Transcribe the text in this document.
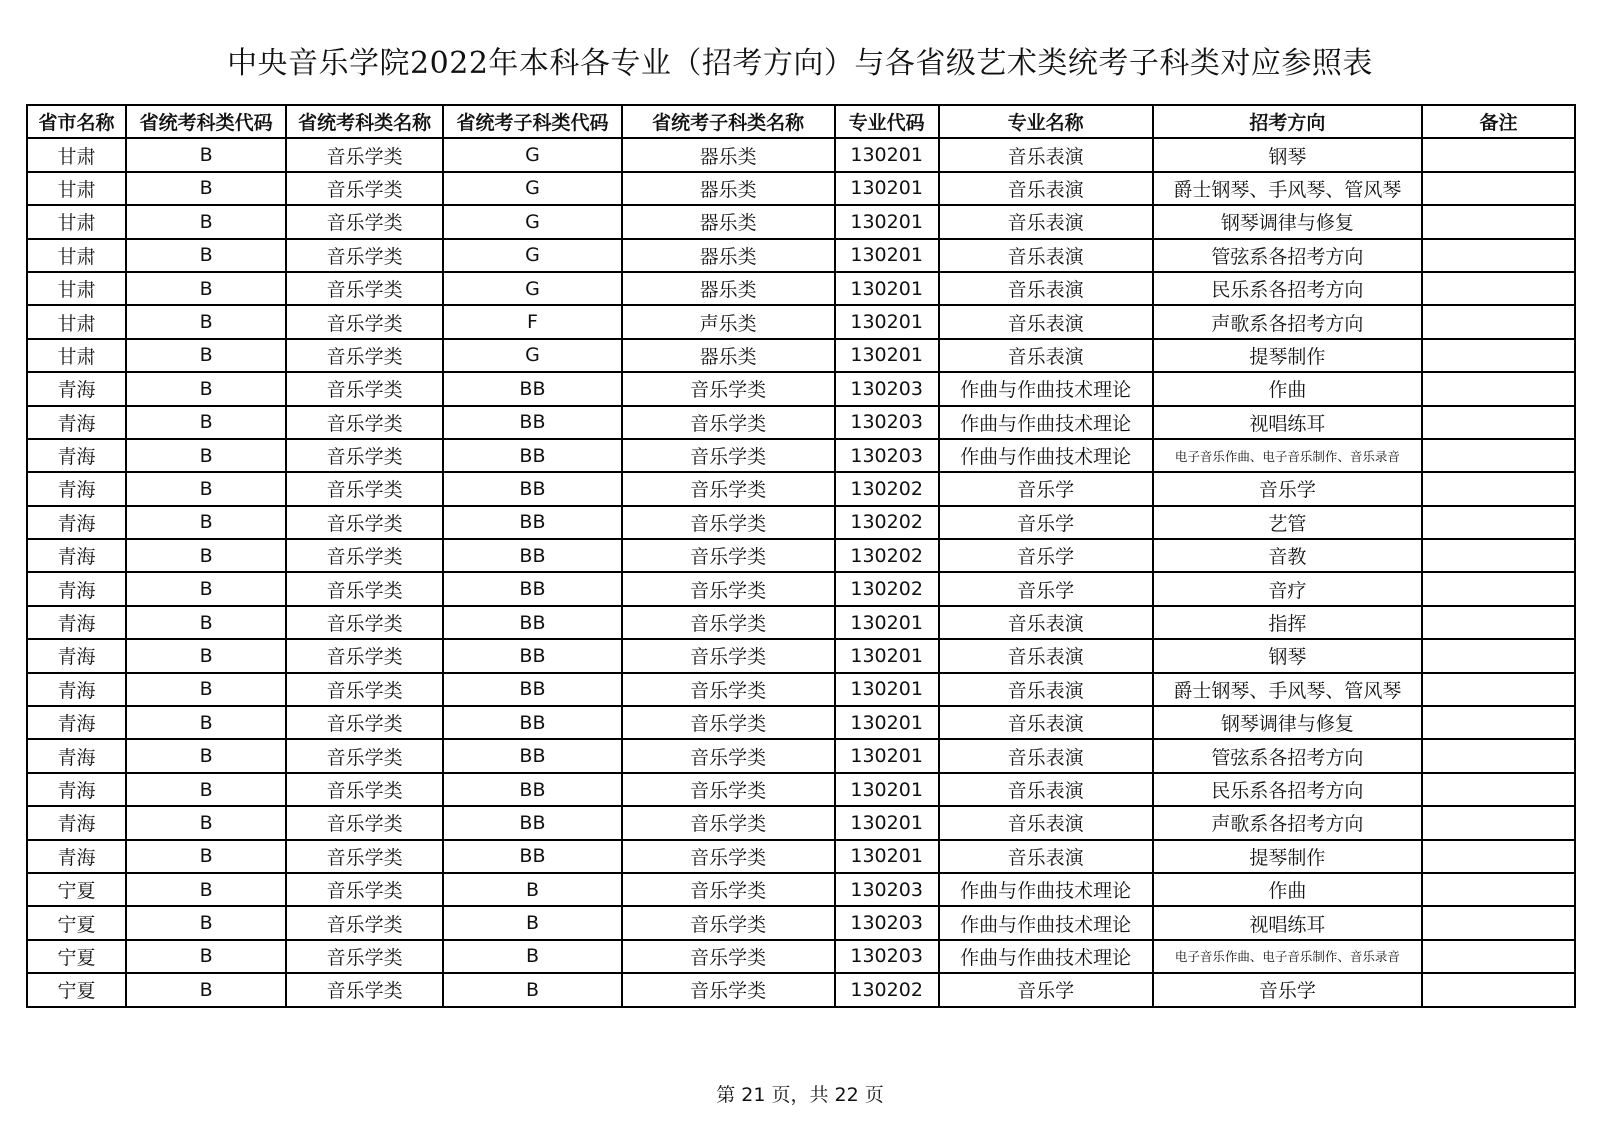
中央音乐学院2022年本科各专业（招考方向）与各省级艺术类统考子科类对应参照表
省市名称	省统考科类代码	省统考科类名称	省统考子科类代码	省统考子科类名称	专业代码	专业名称	招考方向	备注
甘肃	B	音乐学类	G	器乐类	130201	音乐表演	钢琴	
甘肃	B	音乐学类	G	器乐类	130201	音乐表演	爵士钢琴、手风琴、管风琴	
甘肃	B	音乐学类	G	器乐类	130201	音乐表演	钢琴调律与修复	
甘肃	B	音乐学类	G	器乐类	130201	音乐表演	管弦系各招考方向	
甘肃	B	音乐学类	G	器乐类	130201	音乐表演	民乐系各招考方向	
甘肃	B	音乐学类	F	声乐类	130201	音乐表演	声歌系各招考方向	
甘肃	B	音乐学类	G	器乐类	130201	音乐表演	提琴制作	
青海	B	音乐学类	BB	音乐学类	130203	作曲与作曲技术理论	作曲	
青海	B	音乐学类	BB	音乐学类	130203	作曲与作曲技术理论	视唱练耳	
青海	B	音乐学类	BB	音乐学类	130203	作曲与作曲技术理论	电子音乐作曲、电子音乐制作、音乐录音	
青海	B	音乐学类	BB	音乐学类	130202	音乐学	音乐学	
青海	B	音乐学类	BB	音乐学类	130202	音乐学	艺管	
青海	B	音乐学类	BB	音乐学类	130202	音乐学	音教	
青海	B	音乐学类	BB	音乐学类	130202	音乐学	音疗	
青海	B	音乐学类	BB	音乐学类	130201	音乐表演	指挥	
青海	B	音乐学类	BB	音乐学类	130201	音乐表演	钢琴	
青海	B	音乐学类	BB	音乐学类	130201	音乐表演	爵士钢琴、手风琴、管风琴	
青海	B	音乐学类	BB	音乐学类	130201	音乐表演	钢琴调律与修复	
青海	B	音乐学类	BB	音乐学类	130201	音乐表演	管弦系各招考方向	
青海	B	音乐学类	BB	音乐学类	130201	音乐表演	民乐系各招考方向	
青海	B	音乐学类	BB	音乐学类	130201	音乐表演	声歌系各招考方向	
青海	B	音乐学类	BB	音乐学类	130201	音乐表演	提琴制作	
宁夏	B	音乐学类	B	音乐学类	130203	作曲与作曲技术理论	作曲	
宁夏	B	音乐学类	B	音乐学类	130203	作曲与作曲技术理论	视唱练耳	
宁夏	B	音乐学类	B	音乐学类	130203	作曲与作曲技术理论	电子音乐作曲、电子音乐制作、音乐录音	
宁夏	B	音乐学类	B	音乐学类	130202	音乐学	音乐学	
第 21 页，共 22 页
